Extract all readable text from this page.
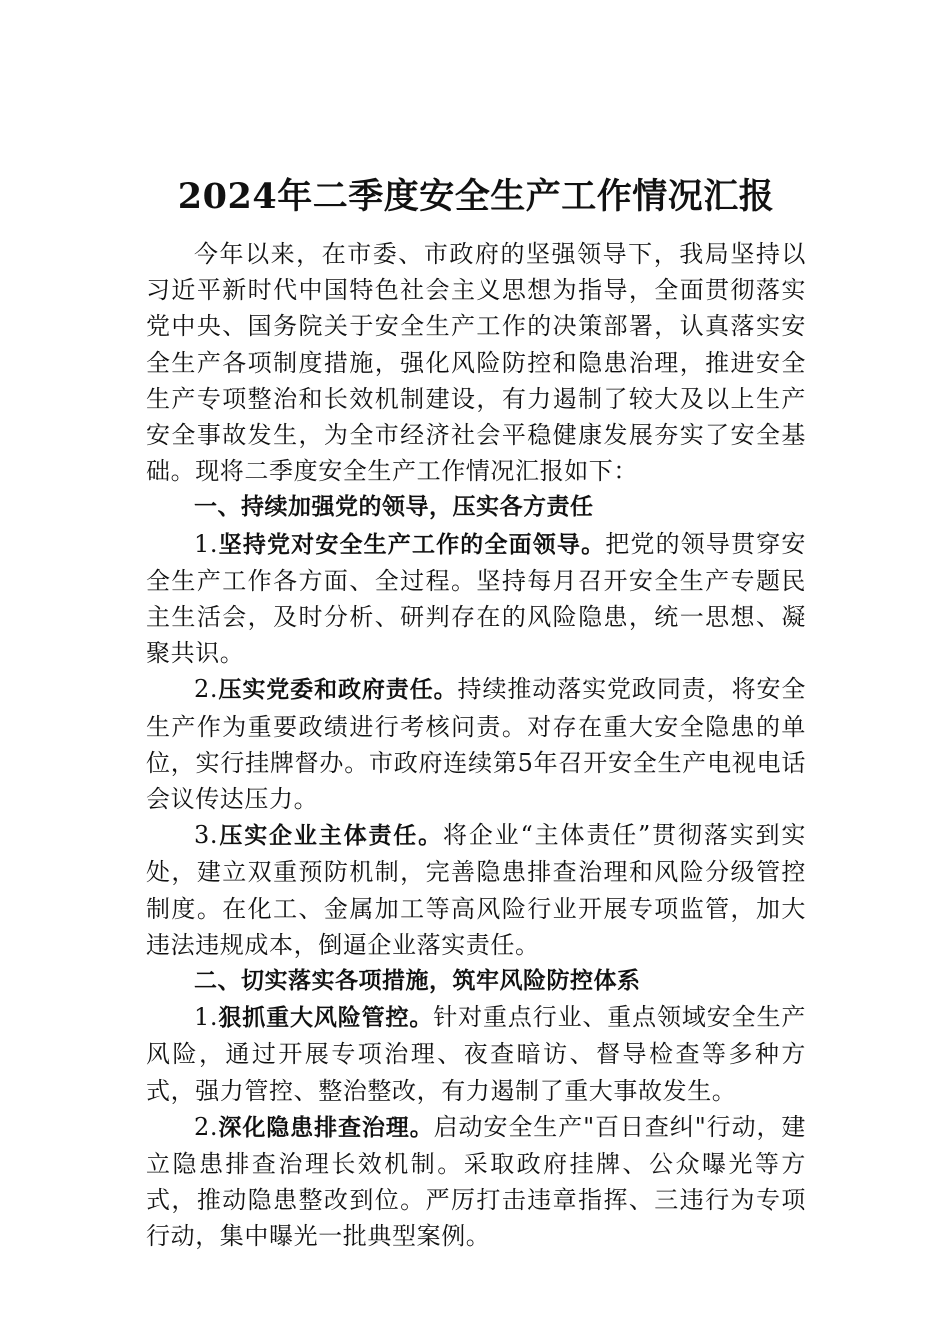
2024年二季度安全生产工作情况汇报

今年以来，在市委、市政府的坚强领导下，我局坚持以习近平新时代中国特色社会主义思想为指导，全面贯彻落实党中央、国务院关于安全生产工作的决策部署，认真落实安全生产各项制度措施，强化风险防控和隐患治理，推进安全生产专项整治和长效机制建设，有力遏制了较大及以上生产安全事故发生，为全市经济社会平稳健康发展夯实了安全基础。现将二季度安全生产工作情况汇报如下：

一、持续加强党的领导，压实各方责任

1.坚持党对安全生产工作的全面领导。把党的领导贯穿安全生产工作各方面、全过程。坚持每月召开安全生产专题民主生活会，及时分析、研判存在的风险隐患，统一思想、凝聚共识。

2.压实党委和政府责任。持续推动落实党政同责，将安全生产作为重要政绩进行考核问责。对存在重大安全隐患的单位，实行挂牌督办。市政府连续第5年召开安全生产电视电话会议传达压力。

3.压实企业主体责任。将企业“主体责任”贯彻落实到实处，建立双重预防机制，完善隐患排查治理和风险分级管控制度。在化工、金属加工等高风险行业开展专项监管，加大违法违规成本，倒逼企业落实责任。

二、切实落实各项措施，筑牢风险防控体系

1.狠抓重大风险管控。针对重点行业、重点领域安全生产风险，通过开展专项治理、夜查暗访、督导检查等多种方式，强力管控、整治整改，有力遏制了重大事故发生。

2.深化隐患排查治理。启动安全生产"百日查纠"行动，建立隐患排查治理长效机制。采取政府挂牌、公众曝光等方式，推动隐患整改到位。严厉打击违章指挥、三违行为专项行动，集中曝光一批典型案例。
